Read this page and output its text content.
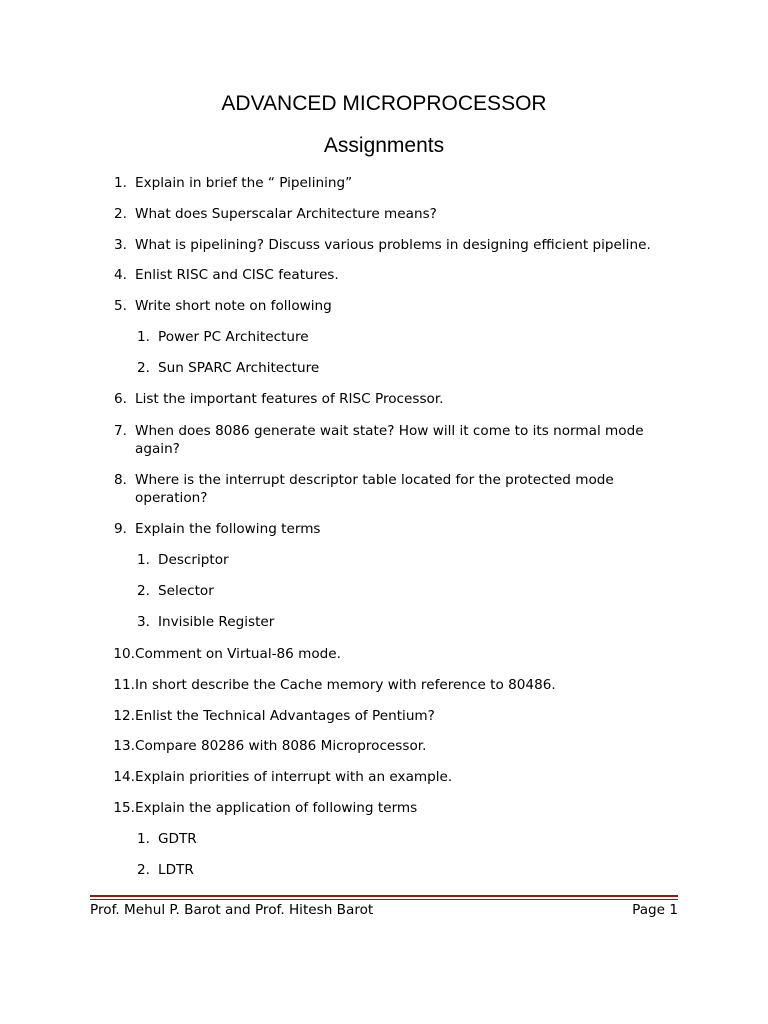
ADVANCED MICROPROCESSOR
Assignments
1. Explain in brief the “ Pipelining”
2. What does Superscalar Architecture means?
3. What is pipelining? Discuss various problems in designing efficient pipeline.
4. Enlist RISC and CISC features.
5. Write short note on following
1. Power PC Architecture
2. Sun SPARC Architecture
6. List the important features of RISC Processor.
7. When does 8086 generate wait state? How will it come to its normal mode
again?
8. Where is the interrupt descriptor table located for the protected mode
operation?
9. Explain the following terms
1. Descriptor
2. Selector
3. Invisible Register
10. Comment on Virtual-86 mode.
11. In short describe the Cache memory with reference to 80486.
12. Enlist the Technical Advantages of Pentium?
13. Compare 80286 with 8086 Microprocessor.
14. Explain priorities of interrupt with an example.
15. Explain the application of following terms
1. GDTR
2. LDTR
Prof. Mehul P. Barot and Prof. Hitesh Barot	Page 1
